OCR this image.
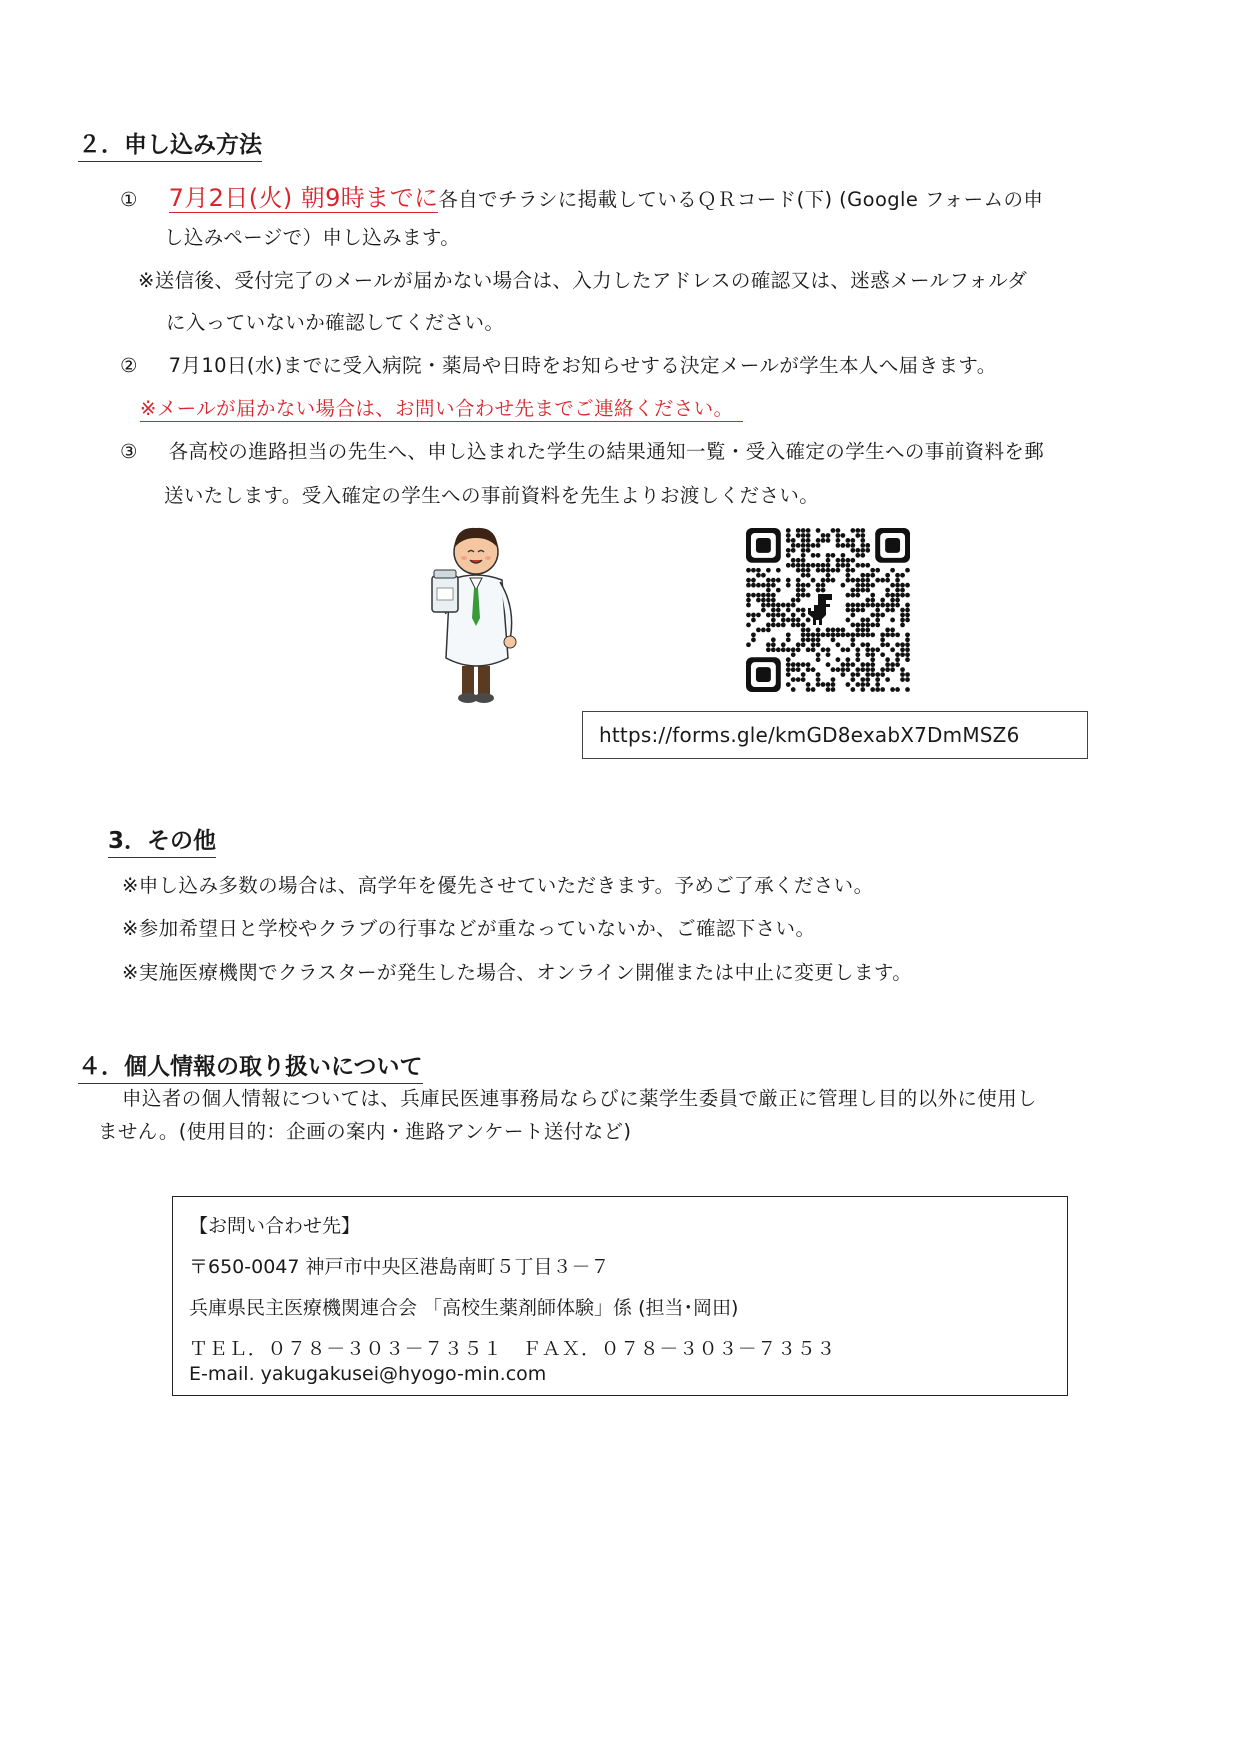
２．申し込み方法
① 7月2日(火) 朝9時までに各自でチラシに掲載しているＱＲコード(下) (Google フォームの申
し込みページで）申し込みます。
※送信後、受付完了のメールが届かない場合は、入力したアドレスの確認又は、迷惑メールフォルダ
に入っていないか確認してください。
② 7月10日(水)までに受入病院・薬局や日時をお知らせする決定メールが学生本人へ届きます。
※メールが届かない場合は、お問い合わせ先までご連絡ください。
③ 各高校の進路担当の先生へ、申し込まれた学生の結果通知一覧・受入確定の学生への事前資料を郵
送いたします。受入確定の学生への事前資料を先生よりお渡しください。
https://forms.gle/kmGD8exabX7DmMSZ6
3．その他
※申し込み多数の場合は、高学年を優先させていただきます。予めご了承ください。
※参加希望日と学校やクラブの行事などが重なっていないか、ご確認下さい。
※実施医療機関でクラスターが発生した場合、オンライン開催または中止に変更します。
４．個人情報の取り扱いについて
申込者の個人情報については、兵庫民医連事務局ならびに薬学生委員で厳正に管理し目的以外に使用し
ません。(使用目的：企画の案内・進路アンケート送付など)
【お問い合わせ先】
〒650-0047 神戸市中央区港島南町５丁目３－７
兵庫県民主医療機関連合会 「高校生薬剤師体験」係 (担当･岡田)
ＴＥＬ．０７８－３０３－７３５１　ＦＡＸ．０７８－３０３－７３５３
E-mail. yakugakusei@hyogo-min.com
